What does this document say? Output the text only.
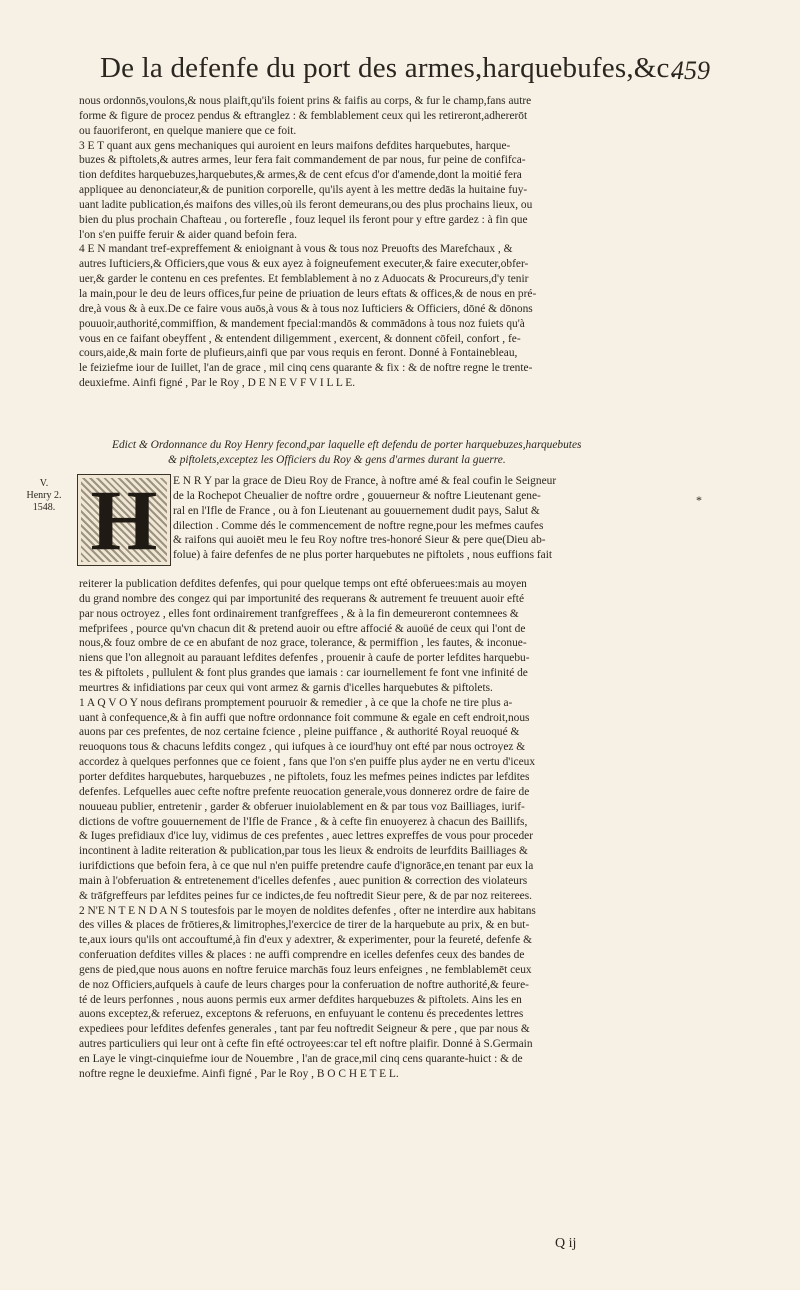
De la defenfe du port des armes,harquebufes,&c.
459
nous ordonnōs,voulons,& nous plaift,qu'ils foient prins & faifis au corps, & fur le champ,fans autre
forme & figure de procez pendus & eftranglez : & femblablement ceux qui les retireront,adhererōt
ou fauoriferont, en quelque maniere que ce foit.
3 E T quant aux gens mechaniques qui auroient en leurs maifons defdites harquebutes, harque-
buzes & piftolets,& autres armes, leur fera fait commandement de par nous, fur peine de confifca-
tion defdites harquebuzes,harquebutes,& armes,& de cent efcus d'or d'amende,dont la moitié fera
appliquee au denonciateur,& de punition corporelle, qu'ils ayent à les mettre dedās la huitaine fuy-
uant ladite publication,és maifons des villes,où ils feront demeurans,ou des plus prochains lieux, ou
bien du plus prochain Chafteau , ou forterefle , fouz lequel ils feront pour y eftre gardez : à fin que
l'on s'en puiffe feruir & aider quand befoin fera.
4 E N mandant tref-expreffement & enioignant à vous & tous noz Preuofts des Marefchaux , &
autres Iufticiers,& Officiers,que vous & eux ayez à foigneufement executer,& faire executer,obfer-
uer,& garder le contenu en ces prefentes. Et femblablement à no z Aduocats & Procureurs,d'y tenir
la main,pour le deu de leurs offices,fur peine de priuation de leurs eftats & offices,& de nous en pré-
dre,à vous & à eux.De ce faire vous auōs,à vous & à tous noz Iufticiers & Officiers, dōné & dōnons
pouuoir,authorité,commiffion, & mandement fpecial:mandōs & commādons à tous noz fuiets qu'à
vous en ce faifant obeyffent , & entendent diligemment , exercent, & donnent cōfeil, confort , fe-
cours,aide,& main forte de plufieurs,ainfi que par vous requis en feront. Donné à Fontainebleau,
le feiziefme iour de Iuillet, l'an de grace , mil cinq cens quarante & fix : & de noftre regne le trente-
deuxiefme. Ainfi figné , Par le Roy , D E N E V F V I L L E.
Edict & Ordonnance du Roy Henry fecond,par laquelle eft defendu de porter harquebuzes,harquebutes
& piftolets,exceptez les Officiers du Roy & gens d'armes durant la guerre.
V.
Henry 2.
1548. H	E N R Y par la grace de Dieu Roy de France, à noftre amé & feal coufin le Seigneur
de la Rochepot Cheualier de noftre ordre , gouuerneur & noftre Lieutenant gene-
ral en l'Ifle de France , ou à fon Lieutenant au gouuernement dudit pays, Salut &
dilection . Comme dés le commencement de noftre regne,pour les mefmes caufes
& raifons qui auoiēt meu le feu Roy noftre tres-honoré Sieur & pere que(Dieu ab-
folue) à faire defenfes de ne plus porter harquebutes ne piftolets , nous euffions fait
reiterer la publication defdites defenfes, qui pour quelque temps ont efté obferuees:mais au moyen
du grand nombre des congez qui par importunité des requerans & autrement fe treuuent auoir efté
par nous octroyez , elles font ordinairement tranfgreffees , & à la fin demeureront contemnees &
mefprifees , pource qu'vn chacun dit & pretend auoir ou eftre affocié & auoüé de ceux qui l'ont de
nous,& fouz ombre de ce en abufant de noz grace, tolerance, & permiffion , les fautes, & inconue-
niens que l'on allegnoit au parauant lefdites defenfes , prouenir à caufe de porter lefdites harquebu-
tes & piftolets , pullulent & font plus grandes que iamais : car iournellement fe font vne infinité de
meurtres & infidiations par ceux qui vont armez & garnis d'icelles harquebutes & piftolets.
1 A Q V O Y nous defirans promptement pouruoir & remedier , à ce que la chofe ne tire plus a-
uant à confequence,& à fin auffi que noftre ordonnance foit commune & egale en ceft endroit,nous
auons par ces prefentes, de noz certaine fcience , pleine puiffance , & authorité Royal reuoqué &
reuoquons tous & chacuns lefdits congez , qui iufques à ce iourd'huy ont efté par nous octroyez &
accordez à quelques perfonnes que ce foient , fans que l'on s'en puiffe plus ayder ne en vertu d'iceux
porter defdites harquebutes, harquebuzes , ne piftolets, fouz les mefmes peines indictes par lefdites
defenfes. Lefquelles auec cefte noftre prefente reuocation generale,vous donnerez ordre de faire de
nouueau publier, entretenir , garder & obferuer inuiolablement en & par tous voz Bailliages, iurif-
dictions de voftre gouuernement de l'Ifle de France , & à cefte fin enuoyerez à chacun des Baillifs,
& Iuges prefidiaux d'ice luy, vidimus de ces prefentes , auec lettres expreffes de vous pour proceder
incontinent à ladite reiteration & publication,par tous les lieux & endroits de leurfdits Bailliages &
iurifdictions que befoin fera, à ce que nul n'en puiffe pretendre caufe d'ignorāce,en tenant par eux la
main à l'obferuation & entretenement d'icelles defenfes , auec punition & correction des violateurs
& trāfgreffeurs par lefdites peines fur ce indictes,de feu noftredit Sieur pere, & de par noz reiterees.
2 N'E N T E N D A N S toutesfois par le moyen de noldites defenfes , ofter ne interdire aux habitans
des villes & places de frōtieres,& limitrophes,l'exercice de tirer de la harquebute au prix, & en but-
te,aux iours qu'ils ont accouftumé,à fin d'eux y adextrer, & experimenter, pour la feureté, defenfe &
conferuation defdites villes & places : ne auffi comprendre en icelles defenfes ceux des bandes de
gens de pied,que nous auons en noftre feruice marchās fouz leurs enfeignes , ne femblablemēt ceux
de noz Officiers,aufquels à caufe de leurs charges pour la conferuation de noftre authorité,& feure-
té de leurs perfonnes , nous auons permis eux armer defdites harquebuzes & piftolets. Ains les en
auons exceptez,& referuez, exceptons & referuons, en enfuyuant le contenu és precedentes lettres
expediees pour lefdites defenfes generales , tant par feu noftredit Seigneur & pere , que par nous &
autres particuliers qui leur ont à cefte fin efté octroyees:car tel eft noftre plaifir. Donné à S.Germain
en Laye le vingt-cinquiefme iour de Nouembre , l'an de grace,mil cinq cens quarante-huict : & de
noftre regne le deuxiefme. Ainfi figné , Par le Roy , B O C H E T E L.
*
Q ij
